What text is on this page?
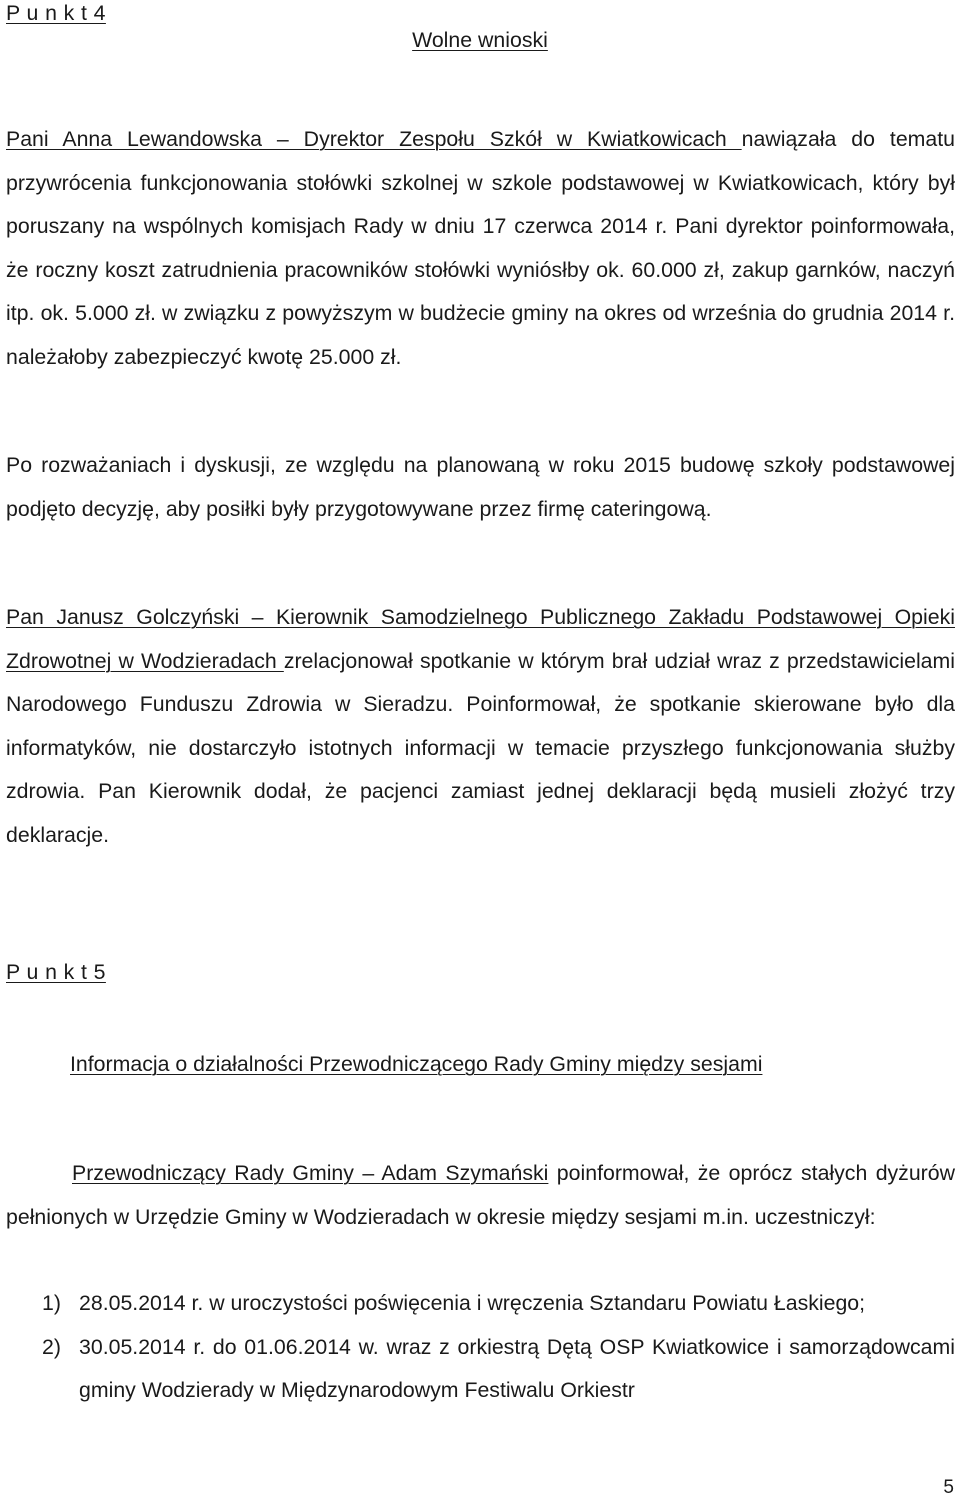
P u n k t 4
Wolne wnioski

Pani Anna Lewandowska – Dyrektor Zespołu Szkół w Kwiatkowicach nawiązała do tematu przywrócenia funkcjonowania stołówki szkolnej w szkole podstawowej w Kwiatkowicach, który był poruszany na wspólnych komisjach Rady w dniu 17 czerwca 2014 r. Pani dyrektor poinformowała, że roczny koszt zatrudnienia pracowników stołówki wyniósłby ok. 60.000 zł, zakup garnków, naczyń itp. ok. 5.000 zł. w związku z powyższym w budżecie gminy na okres od września do grudnia 2014 r. należałoby zabezpieczyć kwotę 25.000 zł.

Po rozważaniach i dyskusji, ze względu na planowaną w roku 2015 budowę szkoły podstawowej podjęto decyzję, aby posiłki były przygotowywane przez firmę cateringową.

Pan Janusz Golczyński – Kierownik Samodzielnego Publicznego Zakładu Podstawowej Opieki Zdrowotnej w Wodzieradach zrelacjonował spotkanie w którym brał udział wraz z przedstawicielami Narodowego Funduszu Zdrowia w Sieradzu. Poinformował, że spotkanie skierowane było dla informatyków, nie dostarczyło istotnych informacji w temacie przyszłego funkcjonowania służby zdrowia. Pan Kierownik dodał, że pacjenci zamiast jednej deklaracji będą musieli złożyć trzy deklaracje.

P u n k t 5
Informacja o działalności Przewodniczącego Rady Gminy między sesjami

Przewodniczący Rady Gminy – Adam Szymański poinformował, że oprócz stałych dyżurów pełnionych w Urzędzie Gminy w Wodzieradach w okresie między sesjami m.in. uczestniczył:

1) 28.05.2014 r. w uroczystości poświęcenia i wręczenia Sztandaru Powiatu Łaskiego;
2) 30.05.2014 r. do 01.06.2014 w. wraz z orkiestrą Dętą OSP Kwiatkowice i samorządowcami gminy Wodzierady w Międzynarodowym Festiwalu Orkiestr
5
